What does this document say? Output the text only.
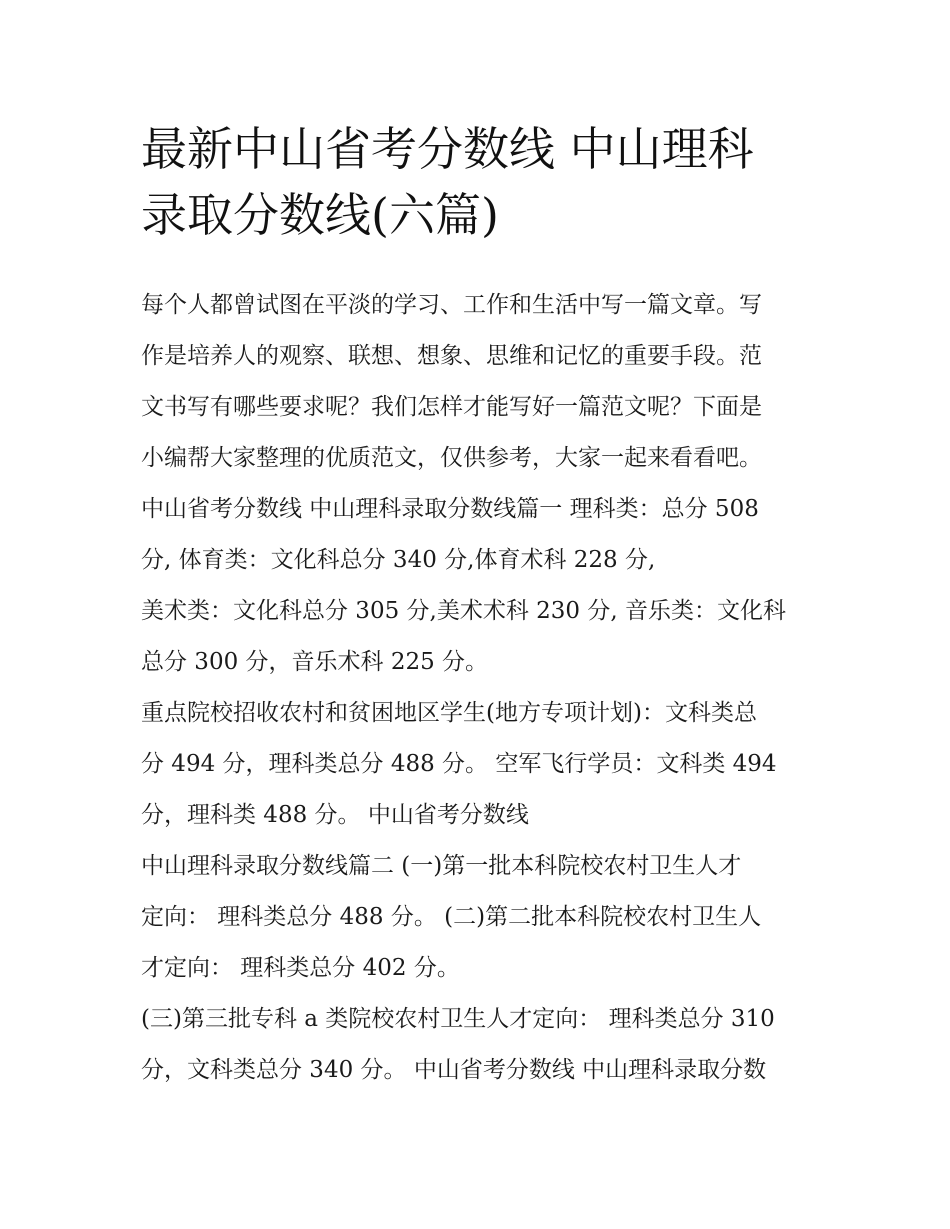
最新中山省考分数线 中山理科
录取分数线(六篇)
每个人都曾试图在平淡的学习、工作和生活中写一篇文章。写
作是培养人的观察、联想、想象、思维和记忆的重要手段。范
文书写有哪些要求呢？我们怎样才能写好一篇范文呢？下面是
小编帮大家整理的优质范文，仅供参考，大家一起来看看吧。
中山省考分数线 中山理科录取分数线篇一 理科类：总分 508
分, 体育类：文化科总分 340 分,体育术科 228 分,
美术类：文化科总分 305 分,美术术科 230 分, 音乐类：文化科
总分 300 分，音乐术科 225 分。
重点院校招收农村和贫困地区学生(地方专项计划)：文科类总
分 494 分，理科类总分 488 分。 空军飞行学员：文科类 494
分，理科类 488 分。 中山省考分数线
中山理科录取分数线篇二 (一)第一批本科院校农村卫生人才
定向： 理科类总分 488 分。 (二)第二批本科院校农村卫生人
才定向： 理科类总分 402 分。
(三)第三批专科 a 类院校农村卫生人才定向： 理科类总分 310
分，文科类总分 340 分。 中山省考分数线 中山理科录取分数
